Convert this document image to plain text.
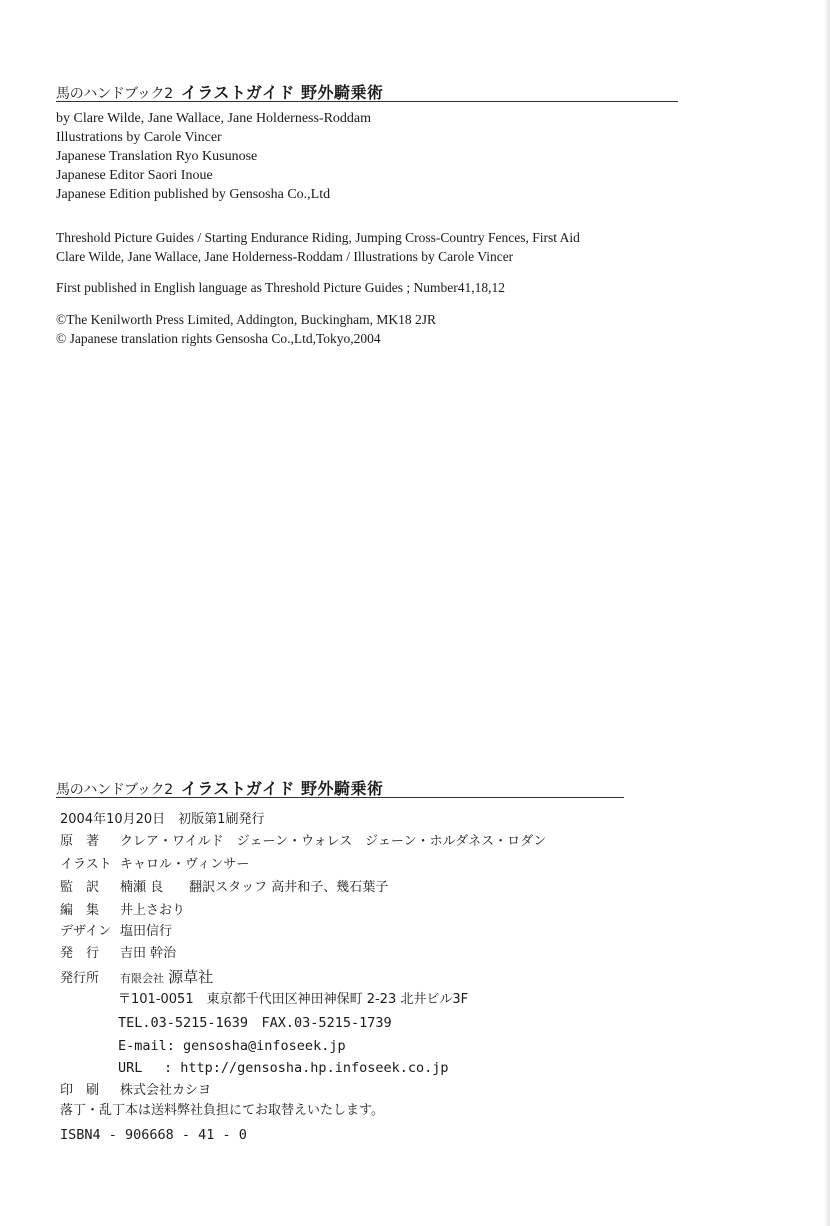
馬のハンドブック2 イラストガイド 野外騎乗術
by Clare Wilde, Jane Wallace, Jane Holderness-Roddam
Illustrations by Carole Vincer
Japanese Translation Ryo Kusunose
Japanese Editor Saori Inoue
Japanese Edition published by Gensosha Co.,Ltd
Threshold Picture Guides / Starting Endurance Riding, Jumping Cross-Country Fences, First Aid
Clare Wilde, Jane Wallace, Jane Holderness-Roddam / Illustrations by Carole Vincer
First published in English language as Threshold Picture Guides ; Number41,18,12
©The Kenilworth Press Limited, Addington, Buckingham, MK18 2JR
© Japanese translation rights Gensosha Co.,Ltd,Tokyo,2004
馬のハンドブック2 イラストガイド 野外騎乗術
2004年10月20日　初版第1刷発行
原　著 クレア・ワイルド　ジェーン・ウォレス　ジェーン・ホルダネス・ロダン
イラスト キャロル・ヴィンサー
監　訳 楠瀬 良　　翻訳スタッフ 高井和子、幾石葉子
編　集 井上さおり
デザイン 塩田信行
発　行 吉田 幹治
発行所 有限会社 源草社
〒101-0051　東京都千代田区神田神保町 2-23 北井ビル3F
TEL.03-5215-1639　FAX.03-5215-1739
E-mail: gensosha@infoseek.jp
URL　 : http://gensosha.hp.infoseek.co.jp
印　刷 株式会社カシヨ
落丁・乱丁本は送料弊社負担にてお取替えいたします。
ISBN4 - 906668 - 41 - 0
